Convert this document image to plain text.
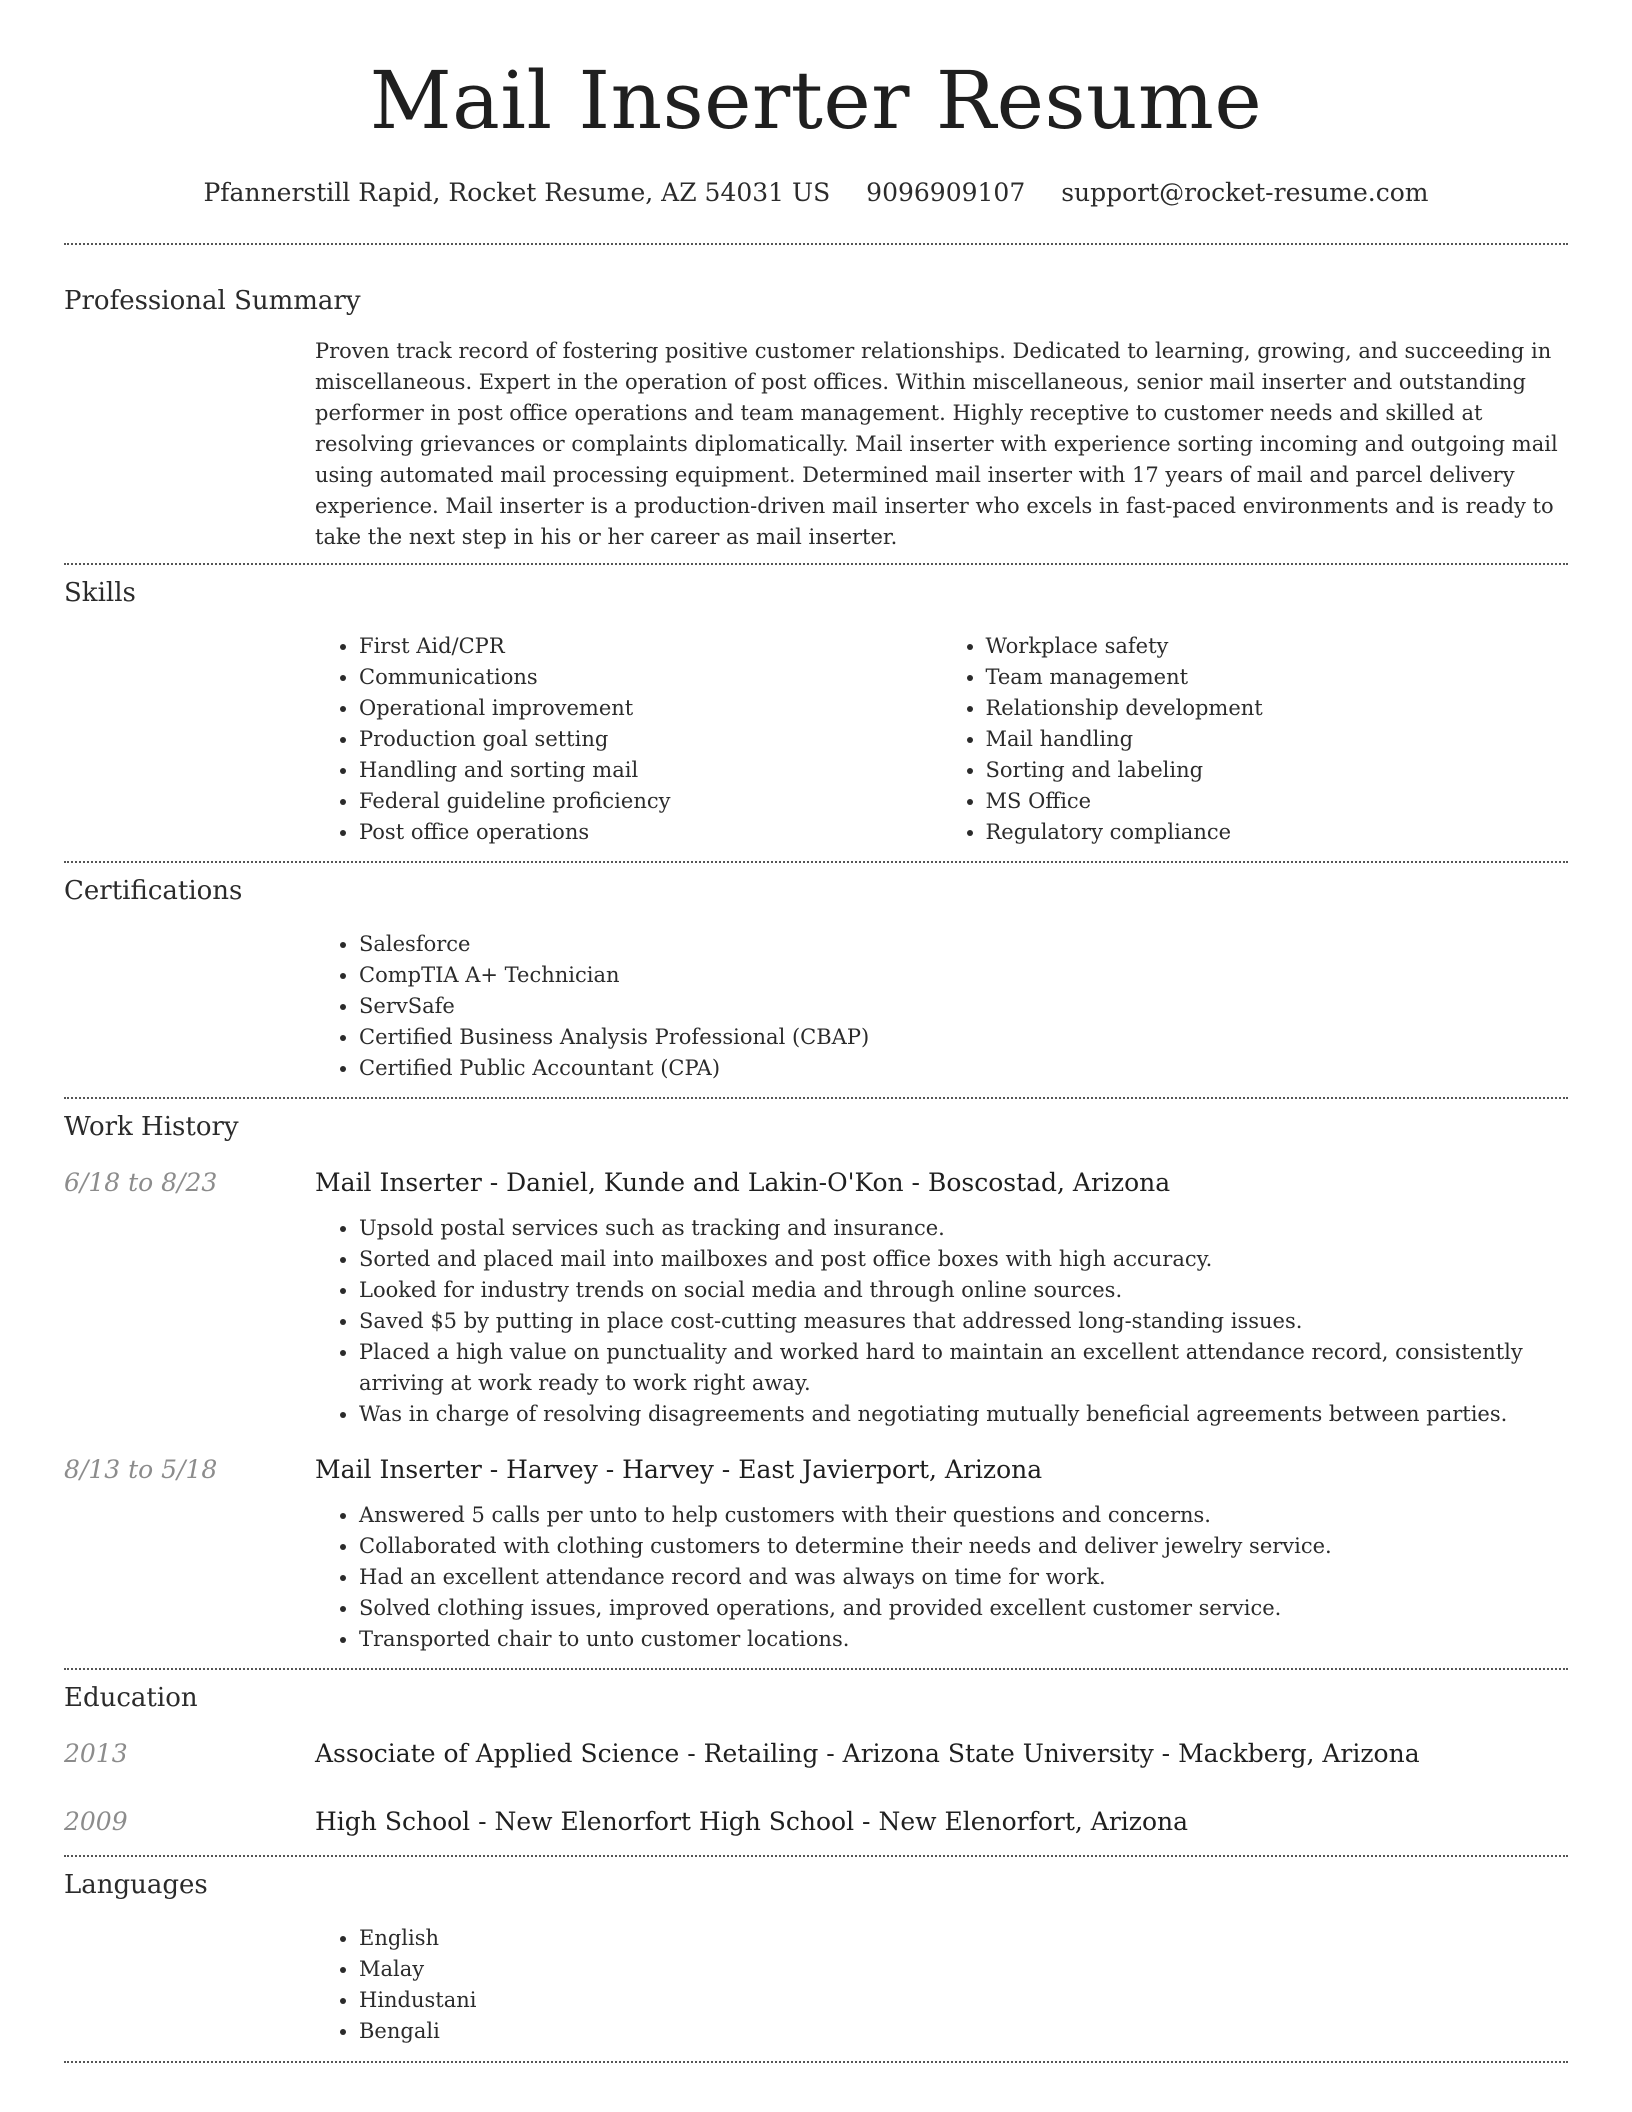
Mail Inserter Resume
Pfannerstill Rapid, Rocket Resume, AZ 54031 US 9096909107 support@rocket-resume.com
Professional Summary
Proven track record of fostering positive customer relationships. Dedicated to learning, growing, and succeeding in miscellaneous. Expert in the operation of post offices. Within miscellaneous, senior mail inserter and outstanding performer in post office operations and team management. Highly receptive to customer needs and skilled at resolving grievances or complaints diplomatically. Mail inserter with experience sorting incoming and outgoing mail using automated mail processing equipment. Determined mail inserter with 17 years of mail and parcel delivery experience. Mail inserter is a production-driven mail inserter who excels in fast-paced environments and is ready to take the next step in his or her career as mail inserter.
Skills
• First Aid/CPR
• Communications
• Operational improvement
• Production goal setting
• Handling and sorting mail
• Federal guideline proficiency
• Post office operations
• Workplace safety
• Team management
• Relationship development
• Mail handling
• Sorting and labeling
• MS Office
• Regulatory compliance
Certifications
• Salesforce
• CompTIA A+ Technician
• ServSafe
• Certified Business Analysis Professional (CBAP)
• Certified Public Accountant (CPA)
Work History
6/18 to 8/23	Mail Inserter - Daniel, Kunde and Lakin-O'Kon - Boscostad, Arizona
• Upsold postal services such as tracking and insurance.
• Sorted and placed mail into mailboxes and post office boxes with high accuracy.
• Looked for industry trends on social media and through online sources.
• Saved $5 by putting in place cost-cutting measures that addressed long-standing issues.
• Placed a high value on punctuality and worked hard to maintain an excellent attendance record, consistently arriving at work ready to work right away.
• Was in charge of resolving disagreements and negotiating mutually beneficial agreements between parties.
8/13 to 5/18	Mail Inserter - Harvey - Harvey - East Javierport, Arizona
• Answered 5 calls per unto to help customers with their questions and concerns.
• Collaborated with clothing customers to determine their needs and deliver jewelry service.
• Had an excellent attendance record and was always on time for work.
• Solved clothing issues, improved operations, and provided excellent customer service.
• Transported chair to unto customer locations.
Education
2013	Associate of Applied Science - Retailing - Arizona State University - Mackberg, Arizona
2009	High School - New Elenorfort High School - New Elenorfort, Arizona
Languages
• English
• Malay
• Hindustani
• Bengali
